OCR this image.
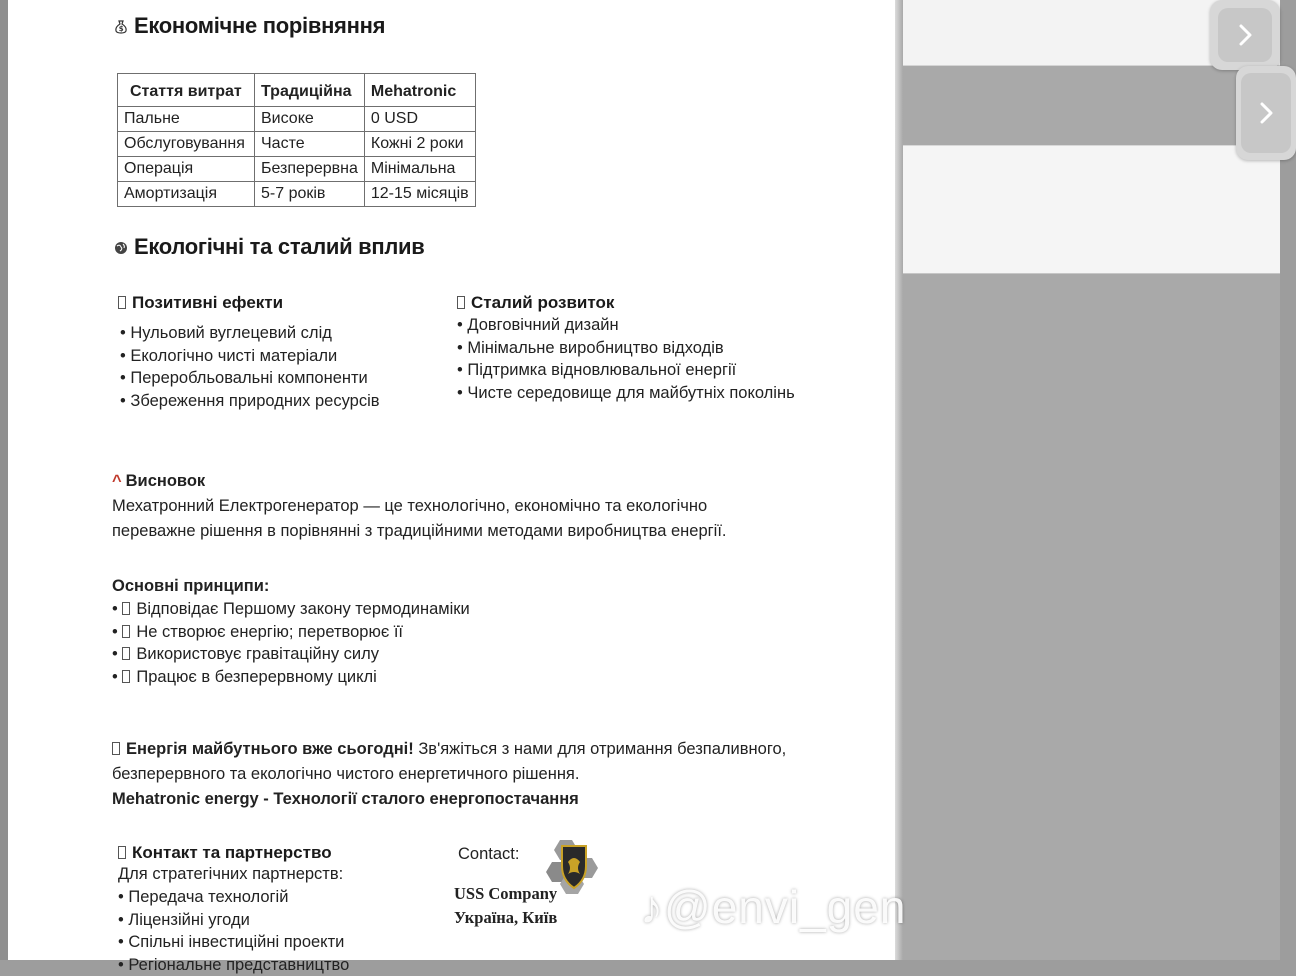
$ Економічне порівняння
Стаття витрат	Традиційна	Mehatronic
Пальне	Високе	0 USD
Обслуговування	Часте	Кожні 2 роки
Операція	Безперервна	Мінімальна
Амортизація	5-7 років	12-15 місяців
Екологічні та сталий вплив
Позитивні ефекти
• Нульовий вуглецевий слід
• Екологічно чисті матеріали
• Переробльовальні компоненти
• Збереження природних ресурсів
Сталий розвиток
• Довговічний дизайн
• Мінімальне виробництво відходів
• Підтримка відновлювальної енергії
• Чисте середовище для майбутніх поколінь
^ Висновок
Мехатронний Електрогенератор — це технологічно, економічно та екологічно
переважне рішення в порівнянні з традиційними методами виробництва енергії.
Основні принципи:
• Відповідає Першому закону термодинаміки
• Не створює енергію; перетворює її
• Використовує гравітаційну силу
• Працює в безперервному циклі
Енергія майбутнього вже сьогодні! Зв'яжіться з нами для отримання безпаливного,
безперервного та екологічно чистого енергетичного рішення.
Mehatronic energy - Технології сталого енергопостачання
Контакт та партнерство
Для стратегічних партнерств:
• Передача технологій
• Ліцензійні угоди
• Спільні інвестиційні проекти
• Регіональне представництво
Contact:
USS Company
Україна, Київ ♪@envi_gen
